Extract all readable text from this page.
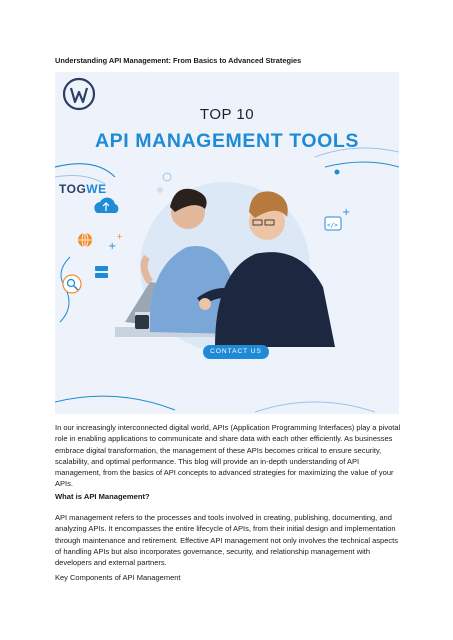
Understanding API Management: From Basics to Advanced Strategies
+
+
</>
+
TOGWE
TOP 10
API MANAGEMENT TOOLS
CONTACT US
In our increasingly interconnected digital world, APIs (Application Programming Interfaces) play a pivotal role in enabling applications to communicate and share data with each other efficiently. As businesses embrace digital transformation, the management of these APIs becomes critical to ensure security, scalability, and optimal performance. This blog will provide an in-depth understanding of API management, from the basics of API concepts to advanced strategies for maximizing the value of your APIs.
What is API Management?
API management refers to the processes and tools involved in creating, publishing, documenting, and analyzing APIs. It encompasses the entire lifecycle of APIs, from their initial design and implementation through maintenance and retirement. Effective API management not only involves the technical aspects of handling APIs but also incorporates governance, security, and relationship management with developers and external partners.
Key Components of API Management
